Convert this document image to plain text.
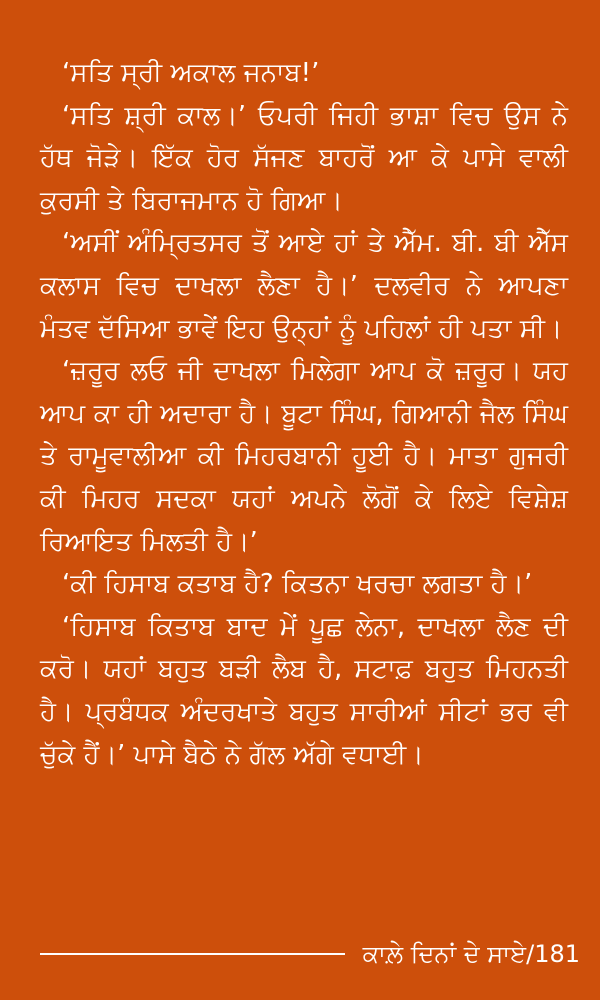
‘ਸਤਿ ਸ੍ਰੀ ਅਕਾਲ ਜਨਾਬ!’

‘ਸਤਿ ਸ਼੍ਰੀ ਕਾਲ।’ ਓਪਰੀ ਜਿਹੀ ਭਾਸ਼ਾ ਵਿਚ ਉਸ ਨੇ ਹੱਥ ਜੋੜੇ। ਇੱਕ ਹੋਰ ਸੱਜਣ ਬਾਹਰੋਂ ਆ ਕੇ ਪਾਸੇ ਵਾਲੀ ਕੁਰਸੀ ਤੇ ਬਿਰਾਜਮਾਨ ਹੋ ਗਿਆ।

‘ਅਸੀਂ ਅੰਮ੍ਰਿਤਸਰ ਤੋਂ ਆਏ ਹਾਂ ਤੇ ਐੱਮ. ਬੀ. ਬੀ ਐੱਸ ਕਲਾਸ ਵਿਚ ਦਾਖਲਾ ਲੈਣਾ ਹੈ।’ ਦਲਵੀਰ ਨੇ ਆਪਣਾ ਮੰਤਵ ਦੱਸਿਆ ਭਾਵੇਂ ਇਹ ਉਨ੍ਹਾਂ ਨੂੰ ਪਹਿਲਾਂ ਹੀ ਪਤਾ ਸੀ।

‘ਜ਼ਰੂਰ ਲਓ ਜੀ ਦਾਖਲਾ ਮਿਲੇਗਾ ਆਪ ਕੋ ਜ਼ਰੂਰ। ਯਹ ਆਪ ਕਾ ਹੀ ਅਦਾਰਾ ਹੈ। ਬੂਟਾ ਸਿੰਘ, ਗਿਆਨੀ ਜੈਲ ਸਿੰਘ ਤੇ ਰਾਮੂਵਾਲੀਆ ਕੀ ਮਿਹਰਬਾਨੀ ਹੂਈ ਹੈ। ਮਾਤਾ ਗੁਜਰੀ ਕੀ ਮਿਹਰ ਸਦਕਾ ਯਹਾਂ ਅਪਨੇ ਲੋਗੋਂ ਕੇ ਲਿਏ ਵਿਸ਼ੇਸ਼ ਰਿਆਇਤ ਮਿਲਤੀ ਹੈ।’

‘ਕੀ ਹਿਸਾਬ ਕਤਾਬ ਹੈ? ਕਿਤਨਾ ਖਰਚਾ ਲਗਤਾ ਹੈ।’

‘ਹਿਸਾਬ ਕਿਤਾਬ ਬਾਦ ਮੇਂ ਪੂਛ ਲੇਨਾ, ਦਾਖਲਾ ਲੈਣ ਦੀ ਕਰੋ। ਯਹਾਂ ਬਹੁਤ ਬੜੀ ਲੈਬ ਹੈ, ਸਟਾਫ਼ ਬਹੁਤ ਮਿਹਨਤੀ ਹੈ। ਪ੍ਰਬੰਧਕ ਅੰਦਰਖਾਤੇ ਬਹੁਤ ਸਾਰੀਆਂ ਸੀਟਾਂ ਭਰ ਵੀ ਚੁੱਕੇ ਹੈਂ।’ ਪਾਸੇ ਬੈਠੇ ਨੇ ਗੱਲ ਅੱਗੇ ਵਧਾਈ।

ਕਾਲ਼ੇ ਦਿਨਾਂ ਦੇ ਸਾਏ/181
